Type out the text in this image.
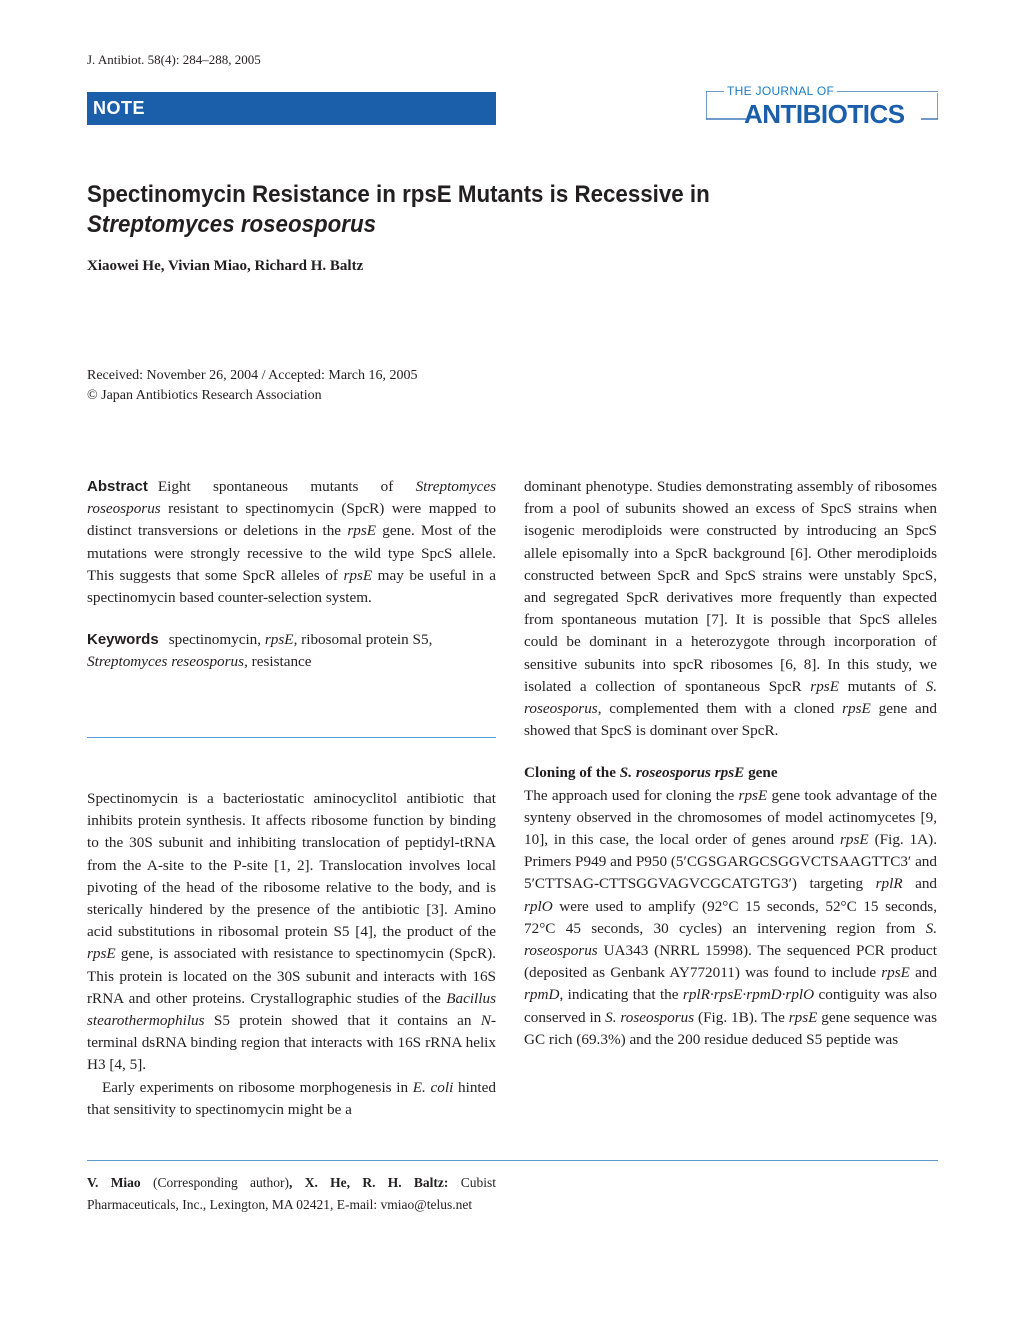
J. Antibiot. 58(4): 284–288, 2005
NOTE
THE JOURNAL OF
ANTIBIOTICS
Spectinomycin Resistance in rpsE Mutants is Recessive in
Streptomyces roseosporus
Xiaowei He, Vivian Miao, Richard H. Baltz
Received: November 26, 2004 / Accepted: March 16, 2005
© Japan Antibiotics Research Association

Abstract Eight spontaneous mutants of Streptomyces roseosporus resistant to spectinomycin (SpcR) were mapped to distinct transversions or deletions in the rpsE gene. Most of the mutations were strongly recessive to the wild type SpcS allele. This suggests that some SpcR alleles of rpsE may be useful in a spectinomycin based counter-selection system.

Keywords spectinomycin, rpsE, ribosomal protein S5, Streptomyces reseosporus, resistance

Spectinomycin is a bacteriostatic aminocyclitol antibiotic that inhibits protein synthesis. It affects ribosome function by binding to the 30S subunit and inhibiting translocation of peptidyl-tRNA from the A-site to the P-site [1, 2]. Translocation involves local pivoting of the head of the ribosome relative to the body, and is sterically hindered by the presence of the antibiotic [3]. Amino acid substitutions in ribosomal protein S5 [4], the product of the rpsE gene, is associated with resistance to spectinomycin (SpcR). This protein is located on the 30S subunit and interacts with 16S rRNA and other proteins. Crystallographic studies of the Bacillus stearothermophilus S5 protein showed that it contains an N-terminal dsRNA binding region that interacts with 16S rRNA helix H3 [4, 5].

Early experiments on ribosome morphogenesis in E. coli hinted that sensitivity to spectinomycin might be a

dominant phenotype. Studies demonstrating assembly of ribosomes from a pool of subunits showed an excess of SpcS strains when isogenic merodiploids were constructed by introducing an SpcS allele episomally into a SpcR background [6]. Other merodiploids constructed between SpcR and SpcS strains were unstably SpcS, and segregated SpcR derivatives more frequently than expected from spontaneous mutation [7]. It is possible that SpcS alleles could be dominant in a heterozygote through incorporation of sensitive subunits into spcR ribosomes [6, 8]. In this study, we isolated a collection of spontaneous SpcR rpsE mutants of S. roseosporus, complemented them with a cloned rpsE gene and showed that SpcS is dominant over SpcR.

Cloning of the S. roseosporus rpsE gene

The approach used for cloning the rpsE gene took advantage of the synteny observed in the chromosomes of model actinomycetes [9, 10], in this case, the local order of genes around rpsE (Fig. 1A). Primers P949 and P950 (5′CGSGARGCSGGVCTSAAGTTC3′ and 5′CTTSAG-CTTSGGVAGVCGCATGTG3′) targeting rplR and rplO were used to amplify (92°C 15 seconds, 52°C 15 seconds, 72°C 45 seconds, 30 cycles) an intervening region from S. roseosporus UA343 (NRRL 15998). The sequenced PCR product (deposited as Genbank AY772011) was found to include rpsE and rpmD, indicating that the rplR·rpsE·rpmD·rplO contiguity was also conserved in S. roseosporus (Fig. 1B). The rpsE gene sequence was GC rich (69.3%) and the 200 residue deduced S5 peptide was

V. Miao (Corresponding author), X. He, R. H. Baltz: Cubist Pharmaceuticals, Inc., Lexington, MA 02421, E-mail: vmiao@telus.net
